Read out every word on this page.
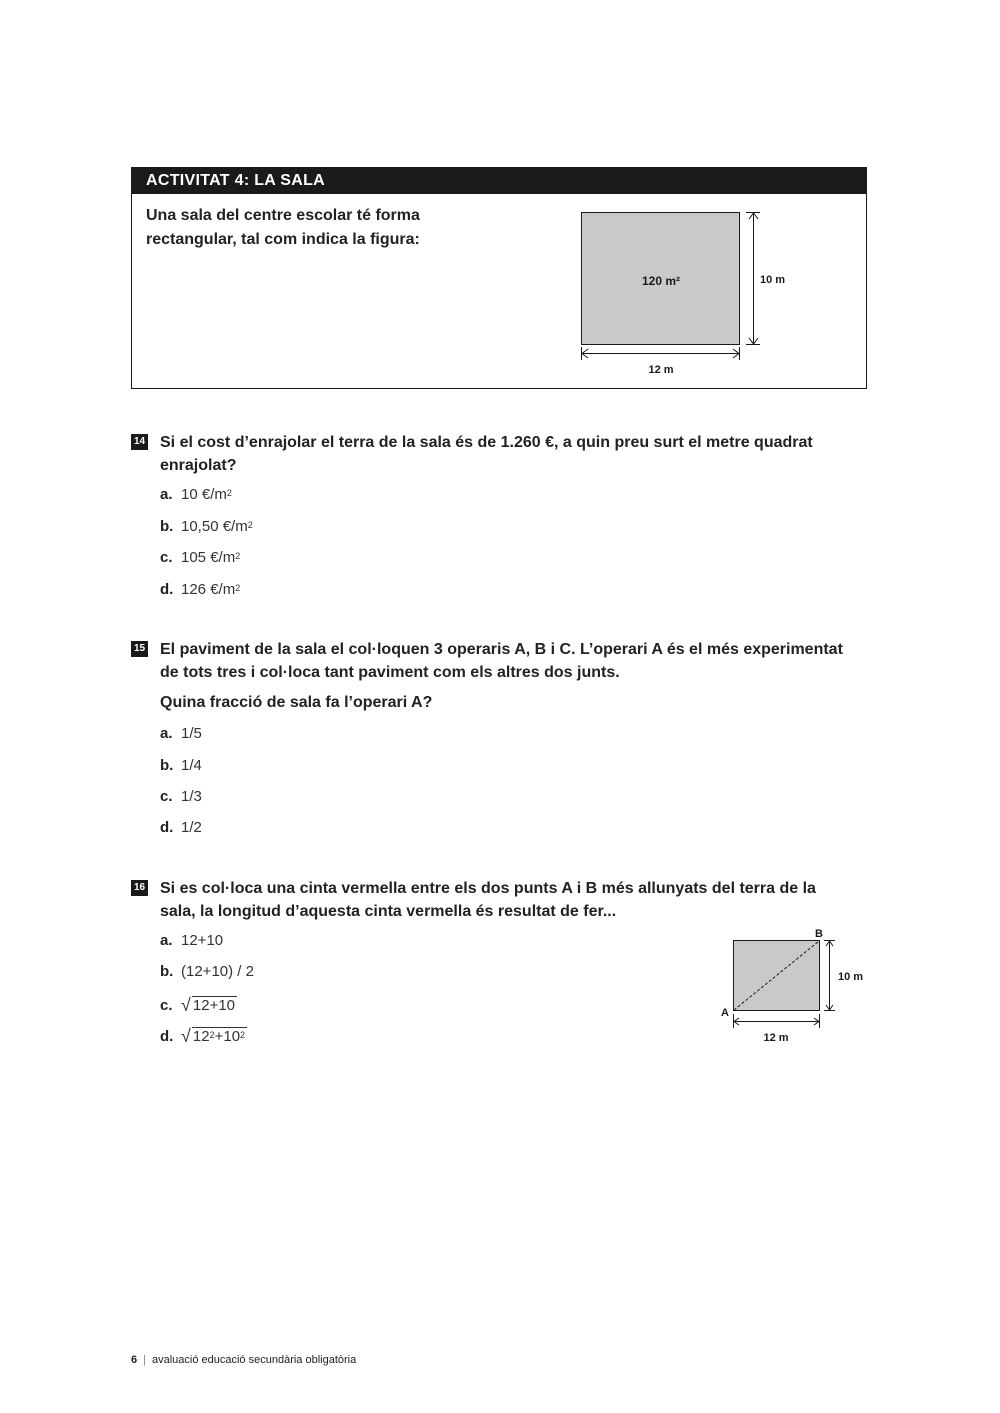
ACTIVITAT 4: LA SALA
Una sala del centre escolar té forma
rectangular, tal com indica la figura:
120 m²	10 m
12 m
14 Si el cost d’enrajolar el terra de la sala és de 1.260 €, a quin preu surt el metre quadrat
enrajolat?
a. 10 $€/m^2$
b. 10,50 $€/m^2$
c. 105 $€/m^2$
d. 126 $€/m^2$
15 El paviment de la sala el col·loquen 3 operaris A, B i C. L’operari A és el més experimentat
de tots tres i col·loca tant paviment com els altres dos junts.
Quina fracció de sala fa l’operari A?
a. 1/5
b. 1/4
c. 1/3
d. 1/2
16 Si es col·loca una cinta vermella entre els dos punts A i B més allunyats del terra de la
sala, la longitud d’aquesta cinta vermella és resultat de fer...
a. 12+10
b. (12+10) / 2
c. √ 12+10
d. √ $12^2+10^2$
B
A
10 m
12 m
6 | avaluació educació secundària obligatòria
